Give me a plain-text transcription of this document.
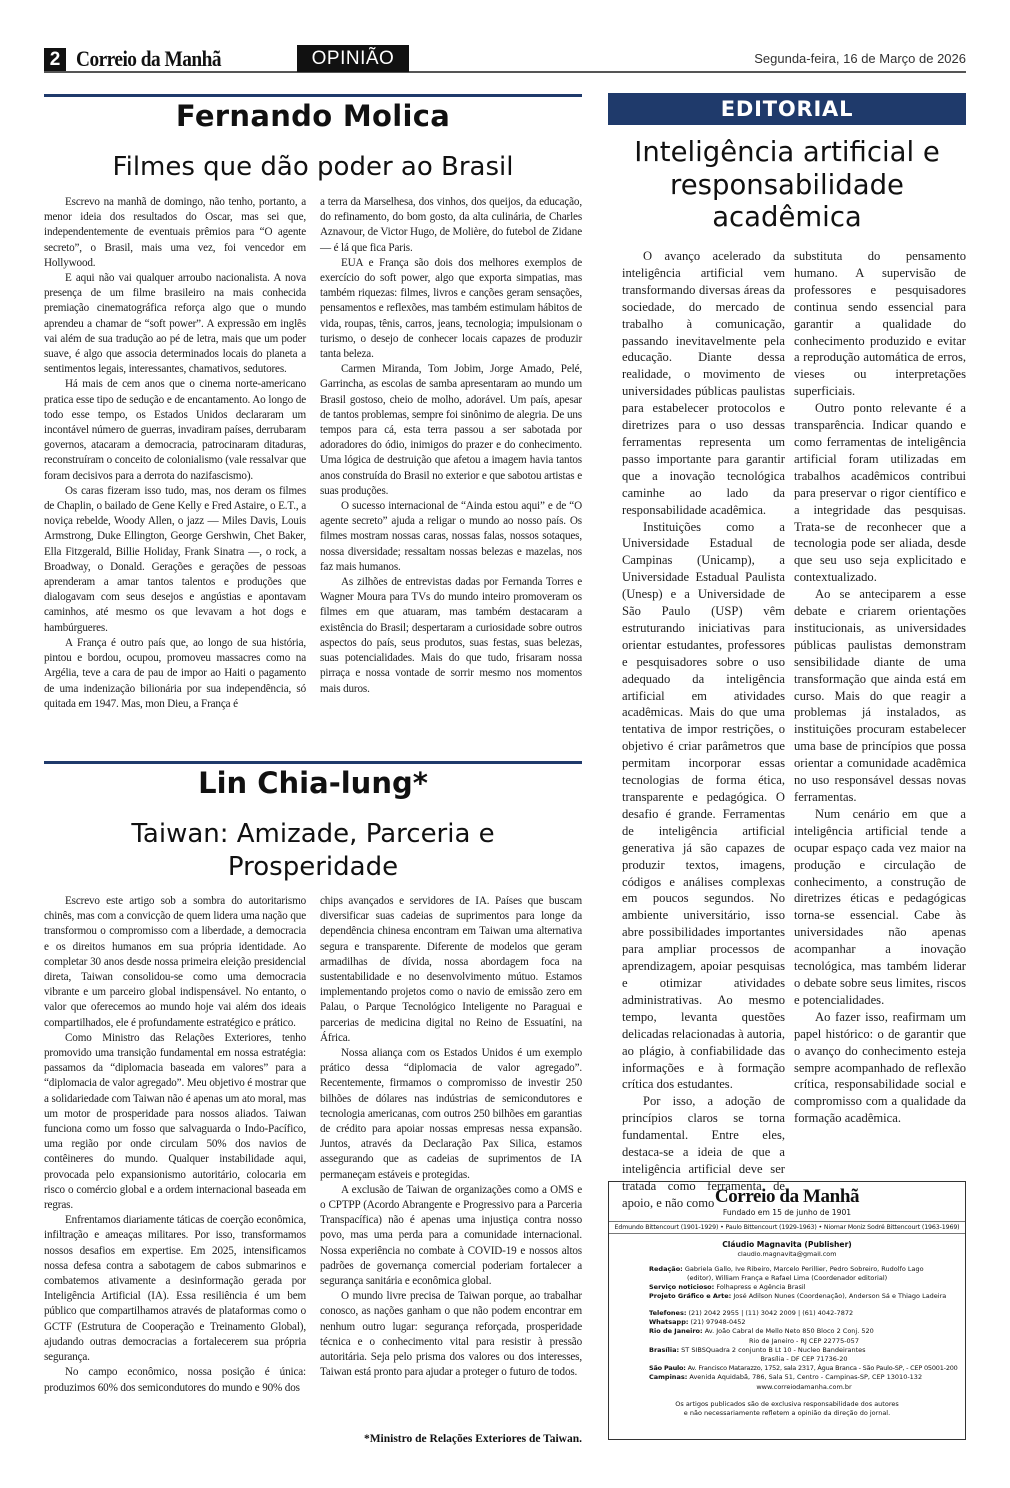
2 Correio da Manhã	OPINIÃO	Segunda-feira, 16 de Março de 2026
Fernando Molica
Filmes que dão poder ao Brasil

Escrevo na manhã de domingo, não tenho, portanto, a menor ideia dos resultados do Oscar, mas sei que, independentemente de eventuais prêmios para “O agente secreto”, o Brasil, mais uma vez, foi vencedor em Hollywood.

E aqui não vai qualquer arroubo nacionalista. A nova presença de um filme brasileiro na mais conhecida premiação cinematográfica reforça algo que o mundo aprendeu a chamar de “soft power”. A expressão em inglês vai além de sua tradução ao pé de letra, mais que um poder suave, é algo que associa determinados locais do planeta a sentimentos legais, interessantes, chamativos, sedutores.

Há mais de cem anos que o cinema norte-americano pratica esse tipo de sedução e de encantamento. Ao longo de todo esse tempo, os Estados Unidos declararam um incontável número de guerras, invadiram países, derrubaram governos, atacaram a democracia, patrocinaram ditaduras, reconstruíram o conceito de colonialismo (vale ressalvar que foram decisivos para a derrota do nazifascismo).

Os caras fizeram isso tudo, mas, nos deram os filmes de Chaplin, o bailado de Gene Kelly e Fred Astaire, o E.T., a noviça rebelde, Woody Allen, o jazz — Miles Davis, Louis Armstrong, Duke Ellington, George Gershwin, Chet Baker, Ella Fitzgerald, Billie Holiday, Frank Sinatra —, o rock, a Broadway, o Donald. Gerações e gerações de pessoas aprenderam a amar tantos talentos e produções que dialogavam com seus desejos e angústias e apontavam caminhos, até mesmo os que levavam a hot dogs e hambúrgueres.

A França é outro país que, ao longo de sua história, pintou e bordou, ocupou, promoveu massacres como na Argélia, teve a cara de pau de impor ao Haiti o pagamento de uma indenização bilionária por sua independência, só quitada em 1947. Mas, mon Dieu, a França é

a terra da Marselhesa, dos vinhos, dos queijos, da educação, do refinamento, do bom gosto, da alta culinária, de Charles Aznavour, de Victor Hugo, de Molière, do futebol de Zidane — é lá que fica Paris.

EUA e França são dois dos melhores exemplos de exercício do soft power, algo que exporta simpatias, mas também riquezas: filmes, livros e canções geram sensações, pensamentos e reflexões, mas também estimulam hábitos de vida, roupas, tênis, carros, jeans, tecnologia; impulsionam o turismo, o desejo de conhecer locais capazes de produzir tanta beleza.

Carmen Miranda, Tom Jobim, Jorge Amado, Pelé, Garrincha, as escolas de samba apresentaram ao mundo um Brasil gostoso, cheio de molho, adorável. Um país, apesar de tantos problemas, sempre foi sinônimo de alegria. De uns tempos para cá, esta terra passou a ser sabotada por adoradores do ódio, inimigos do prazer e do conhecimento. Uma lógica de destruição que afetou a imagem havia tantos anos construída do Brasil no exterior e que sabotou artistas e suas produções.

O sucesso internacional de “Ainda estou aqui” e de “O agente secreto” ajuda a religar o mundo ao nosso país. Os filmes mostram nossas caras, nossas falas, nossos sotaques, nossa diversidade; ressaltam nossas belezas e mazelas, nos faz mais humanos.

As zilhões de entrevistas dadas por Fernanda Torres e Wagner Moura para TVs do mundo inteiro promoveram os filmes em que atuaram, mas também destacaram a existência do Brasil; despertaram a curiosidade sobre outros aspectos do país, seus produtos, suas festas, suas belezas, suas potencialidades. Mais do que tudo, frisaram nossa pirraça e nossa vontade de sorrir mesmo nos momentos mais duros.

Lin Chia-lung*
Taiwan: Amizade, Parceria e Prosperidade

Escrevo este artigo sob a sombra do autoritarismo chinês, mas com a convicção de quem lidera uma nação que transformou o compromisso com a liberdade, a democracia e os direitos humanos em sua própria identidade. Ao completar 30 anos desde nossa primeira eleição presidencial direta, Taiwan consolidou-se como uma democracia vibrante e um parceiro global indispensável. No entanto, o valor que oferecemos ao mundo hoje vai além dos ideais compartilhados, ele é profundamente estratégico e prático.

Como Ministro das Relações Exteriores, tenho promovido uma transição fundamental em nossa estratégia: passamos da “diplomacia baseada em valores” para a “diplomacia de valor agregado”. Meu objetivo é mostrar que a solidariedade com Taiwan não é apenas um ato moral, mas um motor de prosperidade para nossos aliados. Taiwan funciona como um fosso que salvaguarda o Indo-Pacífico, uma região por onde circulam 50% dos navios de contêineres do mundo. Qualquer instabilidade aqui, provocada pelo expansionismo autoritário, colocaria em risco o comércio global e a ordem internacional baseada em regras.

Enfrentamos diariamente táticas de coerção econômica, infiltração e ameaças militares. Por isso, transformamos nossos desafios em expertise. Em 2025, intensificamos nossa defesa contra a sabotagem de cabos submarinos e combatemos ativamente a desinformação gerada por Inteligência Artificial (IA). Essa resiliência é um bem público que compartilhamos através de plataformas como o GCTF (Estrutura de Cooperação e Treinamento Global), ajudando outras democracias a fortalecerem sua própria segurança.

No campo econômico, nossa posição é única: produzimos 60% dos semicondutores do mundo e 90% dos

chips avançados e servidores de IA. Países que buscam diversificar suas cadeias de suprimentos para longe da dependência chinesa encontram em Taiwan uma alternativa segura e transparente. Diferente de modelos que geram armadilhas de dívida, nossa abordagem foca na sustentabilidade e no desenvolvimento mútuo. Estamos implementando projetos como o navio de emissão zero em Palau, o Parque Tecnológico Inteligente no Paraguai e parcerias de medicina digital no Reino de Essuatíni, na África.

Nossa aliança com os Estados Unidos é um exemplo prático dessa “diplomacia de valor agregado”. Recentemente, firmamos o compromisso de investir 250 bilhões de dólares nas indústrias de semicondutores e tecnologia americanas, com outros 250 bilhões em garantias de crédito para apoiar nossas empresas nessa expansão. Juntos, através da Declaração Pax Silica, estamos assegurando que as cadeias de suprimentos de IA permaneçam estáveis e protegidas.

A exclusão de Taiwan de organizações como a OMS e o CPTPP (Acordo Abrangente e Progressivo para a Parceria Transpacífica) não é apenas uma injustiça contra nosso povo, mas uma perda para a comunidade internacional. Nossa experiência no combate à COVID-19 e nossos altos padrões de governança comercial poderiam fortalecer a segurança sanitária e econômica global.

O mundo livre precisa de Taiwan porque, ao trabalhar conosco, as nações ganham o que não podem encontrar em nenhum outro lugar: segurança reforçada, prosperidade técnica e o conhecimento vital para resistir à pressão autoritária. Seja pelo prisma dos valores ou dos interesses, Taiwan está pronto para ajudar a proteger o futuro de todos.

*Ministro de Relações Exteriores de Taiwan.
EDITORIAL
Inteligência artificial e responsabilidade acadêmica

O avanço acelerado da inteligência artificial vem transformando diversas áreas da sociedade, do mercado de trabalho à comunicação, passando inevitavelmente pela educação. Diante dessa realidade, o movimento de universidades públicas paulistas para estabelecer protocolos e diretrizes para o uso dessas ferramentas representa um passo importante para garantir que a inovação tecnológica caminhe ao lado da responsabilidade acadêmica.

Instituições como a Universidade Estadual de Campinas (Unicamp), a Universidade Estadual Paulista (Unesp) e a Universidade de São Paulo (USP) vêm estruturando iniciativas para orientar estudantes, professores e pesquisadores sobre o uso adequado da inteligência artificial em atividades acadêmicas. Mais do que uma tentativa de impor restrições, o objetivo é criar parâmetros que permitam incorporar essas tecnologias de forma ética, transparente e pedagógica. O desafio é grande. Ferramentas de inteligência artificial generativa já são capazes de produzir textos, imagens, códigos e análises complexas em poucos segundos. No ambiente universitário, isso abre possibilidades importantes para ampliar processos de aprendizagem, apoiar pesquisas e otimizar atividades administrativas. Ao mesmo tempo, levanta questões delicadas relacionadas à autoria, ao plágio, à confiabilidade das informações e à formação crítica dos estudantes.

Por isso, a adoção de princípios claros se torna fundamental. Entre eles, destaca-se a ideia de que a inteligência artificial deve ser tratada como ferramenta de apoio, e não como

substituta do pensamento humano. A supervisão de professores e pesquisadores continua sendo essencial para garantir a qualidade do conhecimento produzido e evitar a reprodução automática de erros, vieses ou interpretações superficiais.

Outro ponto relevante é a transparência. Indicar quando e como ferramentas de inteligência artificial foram utilizadas em trabalhos acadêmicos contribui para preservar o rigor científico e a integridade das pesquisas. Trata-se de reconhecer que a tecnologia pode ser aliada, desde que seu uso seja explicitado e contextualizado.

Ao se anteciparem a esse debate e criarem orientações institucionais, as universidades públicas paulistas demonstram sensibilidade diante de uma transformação que ainda está em curso. Mais do que reagir a problemas já instalados, as instituições procuram estabelecer uma base de princípios que possa orientar a comunidade acadêmica no uso responsável dessas novas ferramentas.

Num cenário em que a inteligência artificial tende a ocupar espaço cada vez maior na produção e circulação de conhecimento, a construção de diretrizes éticas e pedagógicas torna-se essencial. Cabe às universidades não apenas acompanhar a inovação tecnológica, mas também liderar o debate sobre seus limites, riscos e potencialidades.

Ao fazer isso, reafirmam um papel histórico: o de garantir que o avanço do conhecimento esteja sempre acompanhado de reflexão crítica, responsabilidade social e compromisso com a qualidade da formação acadêmica.

Correio da Manhã
Fundado em 15 de junho de 1901
Edmundo Bittencourt (1901-1929) • Paulo Bittencourt (1929-1963) • Niomar Moniz Sodré Bittencourt (1963-1969)
Cláudio Magnavita (Publisher)
claudio.magnavita@gmail.com
Redação: Gabriela Gallo, Ive Ribeiro, Marcelo Perillier, Pedro Sobreiro, Rudolfo Lago
(editor), William França e Rafael Lima (Coordenador editorial)
Serviço noticioso: Folhapress e Agência Brasil
Projeto Gráfico e Arte: José Adilson Nunes (Coordenação), Anderson Sá e Thiago Ladeira
Telefones: (21) 2042 2955 | (11) 3042 2009 | (61) 4042-7872
Whatsapp: (21) 97948-0452
Rio de Janeiro: Av. João Cabral de Mello Neto 850 Bloco 2 Conj. 520
Rio de Janeiro - RJ CEP 22775-057
Brasília: ST SIBSQuadra 2 conjunto B Lt 10 - Nucleo Bandeirantes
Brasília - DF CEP 71736-20
São Paulo: Av. Francisco Matarazzo, 1752, sala 2317, Água Branca - São Paulo-SP, - CEP 05001-200
Campinas: Avenida Aquidabã, 786, Sala 51, Centro - Campinas-SP, CEP 13010-132
www.correiodamanha.com.br
Os artigos publicados são de exclusiva responsabilidade dos autores
e não necessariamente refletem a opinião da direção do jornal.
